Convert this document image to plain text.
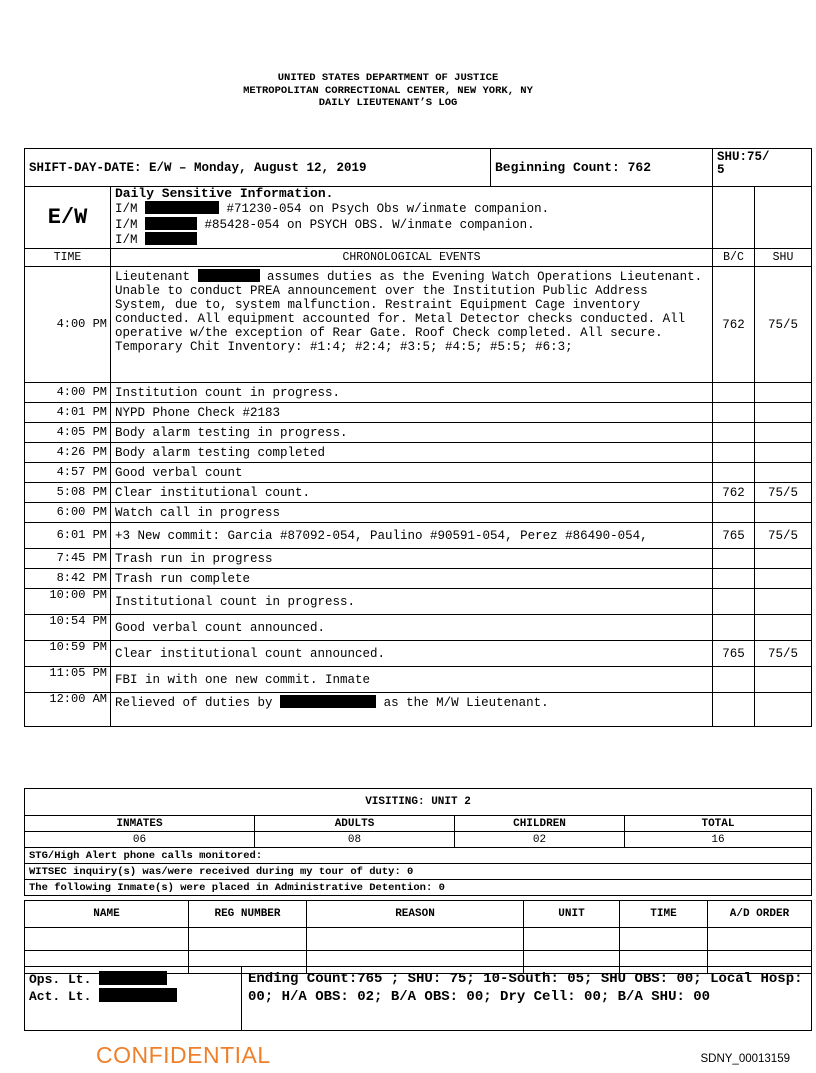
UNITED STATES DEPARTMENT OF JUSTICE
METROPOLITAN CORRECTIONAL CENTER, NEW YORK, NY
DAILY LIEUTENANT’S LOG
SHIFT-DAY-DATE: E/W – Monday, August 12, 2019		Beginning Count: 762	SHU:75/
5	
E/W	Daily Sensitive Information.
I/M #71230-054 on Psych Obs w/inmate companion.
I/M #85428-054 on PSYCH OBS. W/inmate companion.
I/M			

TIME	CHRONOLOGICAL EVENTS		B/C	SHU
4:00 PM	Lieutenant assumes duties as the Evening Watch Operations Lieutenant. Unable to conduct PREA announcement over the Institution Public Address System, due to, system malfunction. Restraint Equipment Cage inventory conducted. All equipment accounted for. Metal Detector checks conducted. All operative w/the exception of Rear Gate. Roof Check completed. All secure. Temporary Chit Inventory: #1:4; #2:4; #3:5; #4:5; #5:5; #6:3;		762	75/5
4:00 PM	Institution count in progress.			
4:01 PM	NYPD Phone Check #2183			
4:05 PM	Body alarm testing in progress.			
4:26 PM	Body alarm testing completed			
4:57 PM	Good verbal count			
5:08 PM	Clear institutional count.		762	75/5
6:00 PM	Watch call in progress			
6:01 PM	+3 New commit: Garcia #87092-054, Paulino #90591-054, Perez #86490-054,		765	75/5
7:45 PM	Trash run in progress			
8:42 PM	Trash run complete			
10:00 PM	Institutional count in progress.			
10:54 PM	Good verbal count announced.			
10:59 PM	Clear institutional count announced.		765	75/5
11:05 PM	FBI in with one new commit. Inmate			
12:00 AM	Relieved of duties by as the M/W Lieutenant.			
VISITING: UNIT 2			
INMATES	ADULTS	CHILDREN	TOTAL
06	08	02	16
STG/High Alert phone calls monitored:			
WITSEC inquiry(s) was/were received during my tour of duty: 0			
The following Inmate(s) were placed in Administrative Detention: 0			
NAME	REG NUMBER	REASON	UNIT	TIME	A/D ORDER

Ops. Lt.
Act. Lt.
	Ending Count:765 ; SHU: 75; 10-South: 05; SHU OBS: 00; Local Hosp: 00; H/A OBS: 02; B/A OBS: 00; Dry Cell: 00; B/A SHU: 00
CONFIDENTIAL	SDNY_00013159
